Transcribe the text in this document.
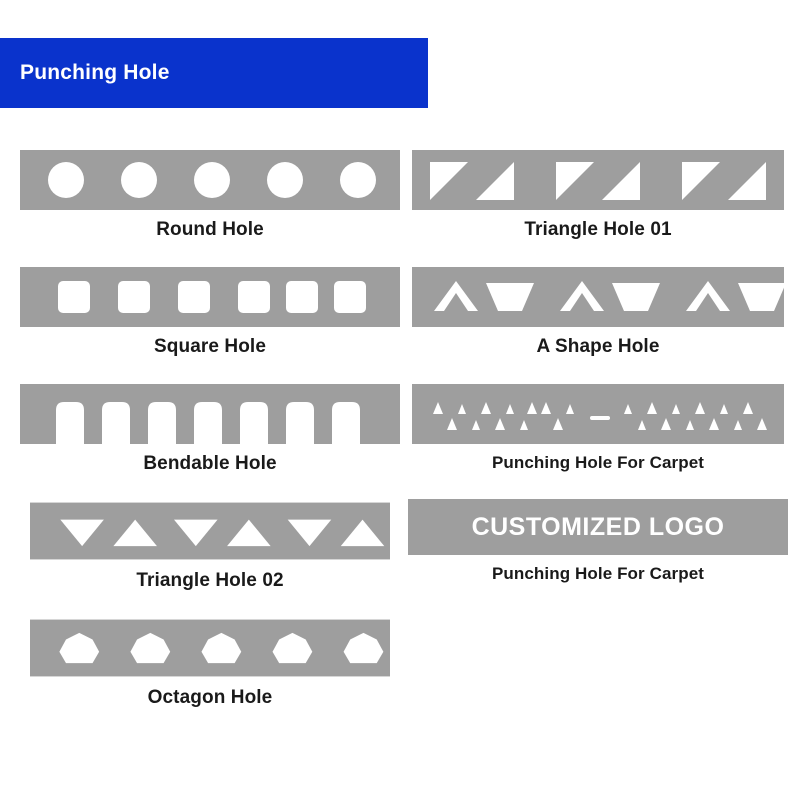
Punching Hole
Round Hole
Square Hole
Bendable Hole
Triangle Hole 02
Octagon Hole
Triangle Hole 01
A Shape Hole
Punching Hole For Carpet
CUSTOMIZED LOGO
Punching Hole For Carpet
